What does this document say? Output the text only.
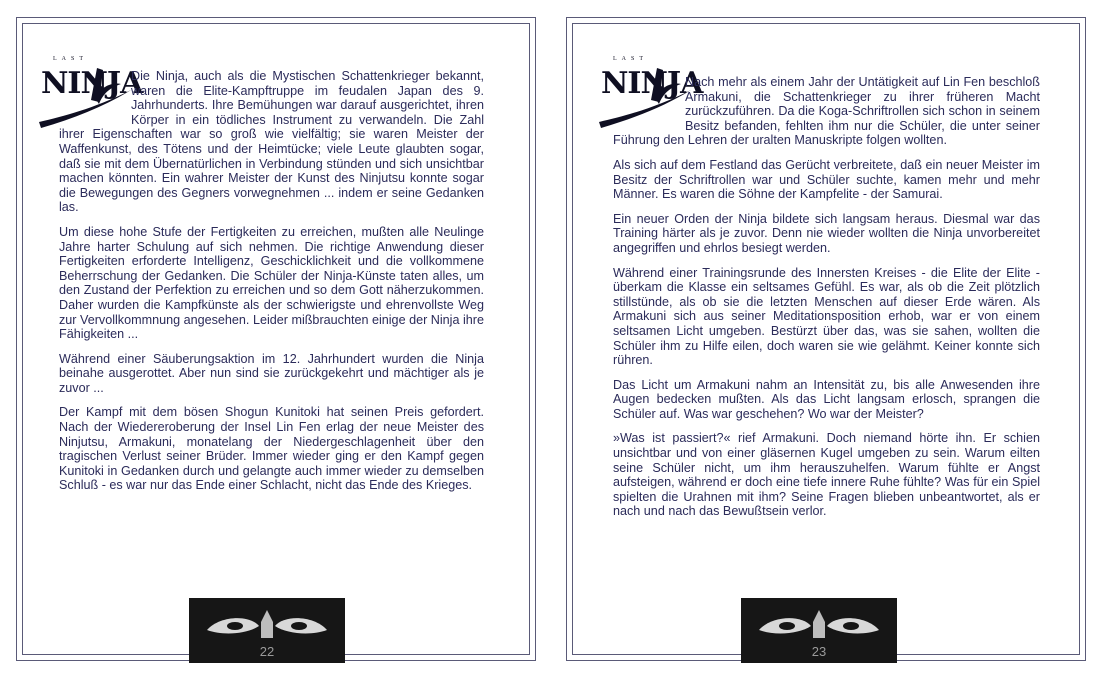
LAST
NINJA

Die Ninja, auch als die Mystischen Schattenkrieger bekannt, waren die Elite-Kampftruppe im feudalen Japan des 9. Jahrhunderts. Ihre Bemühungen war darauf ausgerichtet, ihren Körper in ein tödliches Instrument zu verwandeln. Die Zahl ihrer Eigenschaften war so groß wie vielfältig; sie waren Meister der Waffenkunst, des Tötens und der Heimtücke; viele Leute glaubten sogar, daß sie mit dem Übernatürlichen in Verbindung stünden und sich unsichtbar machen könnten. Ein wahrer Meister der Kunst des Ninjutsu konnte sogar die Bewegungen des Gegners vorwegnehmen ... indem er seine Gedanken las.

Um diese hohe Stufe der Fertigkeiten zu erreichen, mußten alle Neulinge Jahre harter Schulung auf sich nehmen. Die richtige Anwendung dieser Fertigkeiten erforderte Intelligenz, Geschicklichkeit und die vollkommene Beherrschung der Gedanken. Die Schüler der Ninja-Künste taten alles, um den Zustand der Perfektion zu erreichen und so dem Gott näherzukommen. Daher wurden die Kampfkünste als der schwierigste und ehrenvollste Weg zur Vervollkommnung angesehen. Leider mißbrauchten einige der Ninja ihre Fähigkeiten ...

Während einer Säuberungsaktion im 12. Jahrhundert wurden die Ninja beinahe ausgerottet. Aber nun sind sie zurückgekehrt und mächtiger als je zuvor ...

Der Kampf mit dem bösen Shogun Kunitoki hat seinen Preis gefordert. Nach der Wiedereroberung der Insel Lin Fen erlag der neue Meister des Ninjutsu, Armakuni, monatelang der Niedergeschlagenheit über den tragischen Verlust seiner Brüder. Immer wieder ging er den Kampf gegen Kunitoki in Gedanken durch und gelangte auch immer wieder zu demselben Schluß - es war nur das Ende einer Schlacht, nicht das Ende des Krieges.

22
LAST
NINJA

Nach mehr als einem Jahr der Untätigkeit auf Lin Fen beschloß Armakuni, die Schattenkrieger zu ihrer früheren Macht zurückzuführen. Da die Koga-Schriftrollen sich schon in seinem Besitz befanden, fehlten ihm nur die Schüler, die unter seiner Führung den Lehren der uralten Manuskripte folgen wollten.

Als sich auf dem Festland das Gerücht verbreitete, daß ein neuer Meister im Besitz der Schriftrollen war und Schüler suchte, kamen mehr und mehr Männer. Es waren die Söhne der Kampfelite - der Samurai.

Ein neuer Orden der Ninja bildete sich langsam heraus. Diesmal war das Training härter als je zuvor. Denn nie wieder wollten die Ninja unvorbereitet angegriffen und ehrlos besiegt werden.

Während einer Trainingsrunde des Innersten Kreises - die Elite der Elite - überkam die Klasse ein seltsames Gefühl. Es war, als ob die Zeit plötzlich stillstünde, als ob sie die letzten Menschen auf dieser Erde wären. Als Armakuni sich aus seiner Meditationsposition erhob, war er von einem seltsamen Licht umgeben. Bestürzt über das, was sie sahen, wollten die Schüler ihm zu Hilfe eilen, doch waren sie wie gelähmt. Keiner konnte sich rühren.

Das Licht um Armakuni nahm an Intensität zu, bis alle Anwesenden ihre Augen bedecken mußten. Als das Licht langsam erlosch, sprangen die Schüler auf. Was war geschehen? Wo war der Meister?

»Was ist passiert?« rief Armakuni. Doch niemand hörte ihn. Er schien unsichtbar und von einer gläsernen Kugel umgeben zu sein. Warum eilten seine Schüler nicht, um ihm herauszuhelfen. Warum fühlte er Angst aufsteigen, während er doch eine tiefe innere Ruhe fühlte? Was für ein Spiel spielten die Urahnen mit ihm? Seine Fragen blieben unbeantwortet, als er nach und nach das Bewußtsein verlor.

23
